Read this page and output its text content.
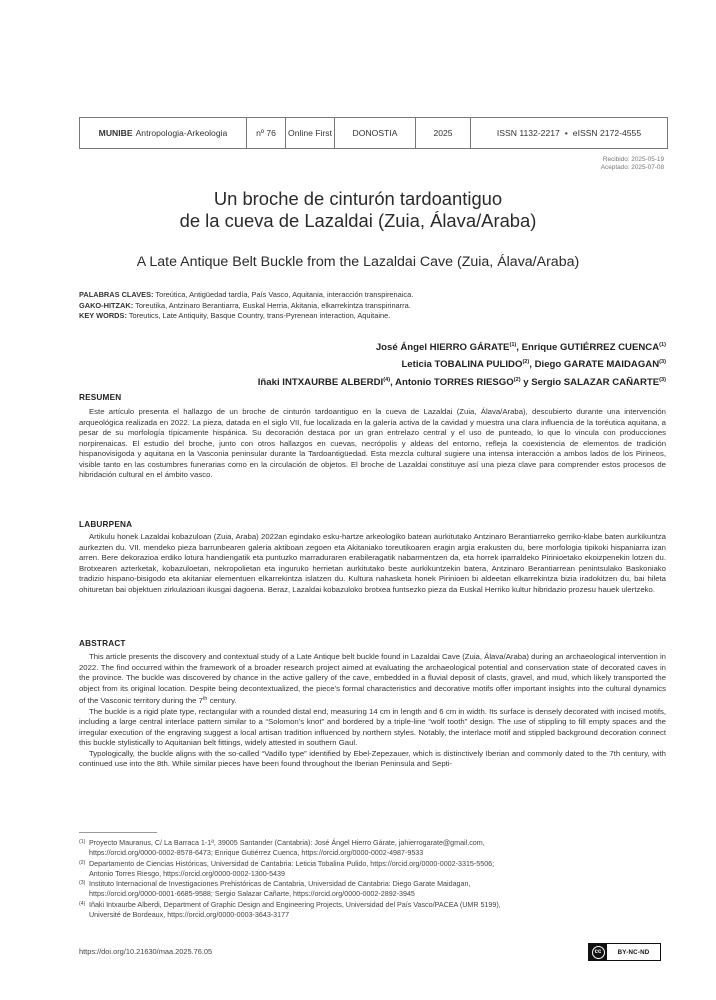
MUNIBE Antropologia-Arkeologia	nº 76	Online First	DONOSTIA	2025	ISSN 1132-2217 • eISSN 2172-4555
Recibido: 2025-05-19
Aceptado: 2025-07-08
Un broche de cinturón tardoantiguo
de la cueva de Lazaldai (Zuia, Álava/Araba)
A Late Antique Belt Buckle from the Lazaldai Cave (Zuia, Álava/Araba)
PALABRAS CLAVES: Toreútica, Antigüedad tardía, País Vasco, Aquitania, interacción transpirenaica.
GAKO-HITZAK: Toreutika, Antzinaro Berantiarra, Euskal Herria, Akitania, elkarrekintza transpirinarra.
KEY WORDS: Toreutics, Late Antiquity, Basque Country, trans-Pyrenean interaction, Aquitaine.
José Ángel HIERRO GÁRATE$^{(1)}$, Enrique GUTIÉRREZ CUENCA$^{(1)}$
Leticia TOBALINA PULIDO$^{(2)}$, Diego GARATE MAIDAGAN$^{(3)}$
Iñaki INTXAURBE ALBERDI$^{(4)}$, Antonio TORRES RIESGO$^{(2)}$ y Sergio SALAZAR CAÑARTE$^{(3)}$
RESUMEN

Este artículo presenta el hallazgo de un broche de cinturón tardoantiguo en la cueva de Lazaldai (Zuia, Álava/Araba), descubierto durante una intervención arqueológica realizada en 2022. La pieza, datada en el siglo VII, fue localizada en la galería activa de la cavidad y muestra una clara influencia de la toréutica aquitana, a pesar de su morfología típicamente hispánica. Su decoración destaca por un gran entrelazo central y el uso de punteado, lo que lo vincula con producciones norpirenaicas. El estudio del broche, junto con otros hallazgos en cuevas, necrópolis y aldeas del entorno, refleja la coexistencia de elementos de tradición hispanovisigoda y aquitana en la Vasconia peninsular durante la Tardoantigüedad. Esta mezcla cultural sugiere una intensa interacción a ambos lados de los Pirineos, visible tanto en las costumbres funerarias como en la circulación de objetos. El broche de Lazaldai constituye así una pieza clave para comprender estos procesos de hibridación cultural en el ámbito vasco.

LABURPENA

Artikulu honek Lazaldai kobazuloan (Zuia, Araba) 2022an egindako esku-hartze arkeologiko batean aurkitutako Antzinaro Berantiarreko gerriko-klabe baten aurkikuntza aurkezten du. VII. mendeko pieza barrunbearen galeria aktiboan zegoen eta Akitaniako toreutikoaren eragin argia erakusten du, bere morfologia tipikoki hispaniarra izan arren. Bere dekorazioa erdiko lotura handiengatik eta puntuzko marraduraren erabileragatik nabarmentzen da, eta horrek iparraldeko Pirinioetako ekoizpenekin lotzen du. Brotxearen azterketak, kobazuloetan, nekropolietan eta inguruko herrietan aurkitutako beste aurkikuntzekin batera, Antzinaro Berantiarrean penintsulako Baskoniako tradizio hispano-bisigodo eta akitaniar elementuen elkarrekintza islatzen du. Kultura nahasketa honek Pirinioen bi aldeetan elkarrekintza bizia iradokitzen du, bai hileta ohituretan bai objektuen zirkulazioan ikusgai dagoena. Beraz, Lazaldai kobazuloko brotxea funtsezko pieza da Euskal Herriko kultur hibridazio prozesu hauek ulertzeko.

ABSTRACT

This article presents the discovery and contextual study of a Late Antique belt buckle found in Lazaldai Cave (Zuia, Álava/Araba) during an archaeological intervention in 2022. The find occurred within the framework of a broader research project aimed at evaluating the archaeological potential and conservation state of decorated caves in the province. The buckle was discovered by chance in the active gallery of the cave, embedded in a fluvial deposit of clasts, gravel, and mud, which likely transported the object from its original location. Despite being decontextualized, the piece’s formal characteristics and decorative motifs offer important insights into the cultural dynamics of the Vasconic territory during the 7th century.

The buckle is a rigid plate type, rectangular with a rounded distal end, measuring 14 cm in length and 6 cm in width. Its surface is densely decorated with incised motifs, including a large central interlace pattern similar to a “Solomon’s knot” and bordered by a triple-line “wolf tooth” design. The use of stippling to fill empty spaces and the irregular execution of the engraving suggest a local artisan tradition influenced by northern styles. Notably, the interlace motif and stippled background decoration connect this buckle stylistically to Aquitanian belt fittings, widely attested in southern Gaul.

Typologically, the buckle aligns with the so-called “Vadillo type” identified by Ebel-Zepezauer, which is distinctively Iberian and commonly dated to the 7th century, with continued use into the 8th. While similar pieces have been found throughout the Iberian Peninsula and Septi-

(1) Proyecto Mauranus, C/ La Barraca 1-1ª, 39005 Santander (Cantabria): José Ángel Hierro Gárate, jahierrogarate@gmail.com,
https://orcid.org/0000-0002-8578-6473; Enrique Gutiérrez Cuenca, https://orcid.org/0000-0002-4987-9533
(2) Departamento de Ciencias Históricas, Universidad de Cantabria: Leticia Tobalina Pulido, https://orcid.org/0000-0002-3315-5506;
Antonio Torres Riesgo, https://orcid.org/0000-0002-1300-5439
(3) Instituto Internacional de Investigaciones Prehistóricas de Cantabria, Universidad de Cantabria: Diego Garate Maidagan,
https://orcid.org/0000-0001-6685-9588; Sergio Salazar Cañarte, https://orcid.org/0000-0002-2892-3945
(4) Iñaki Intxaurbe Alberdi, Department of Graphic Design and Engineering Projects, Universidad del País Vasco/PACEA (UMR 5199),
Université de Bordeaux, https://orcid.org/0000-0003-3643-3177
https://doi.org/10.21630/maa.2025.76.05	cc	BY-NC-ND
